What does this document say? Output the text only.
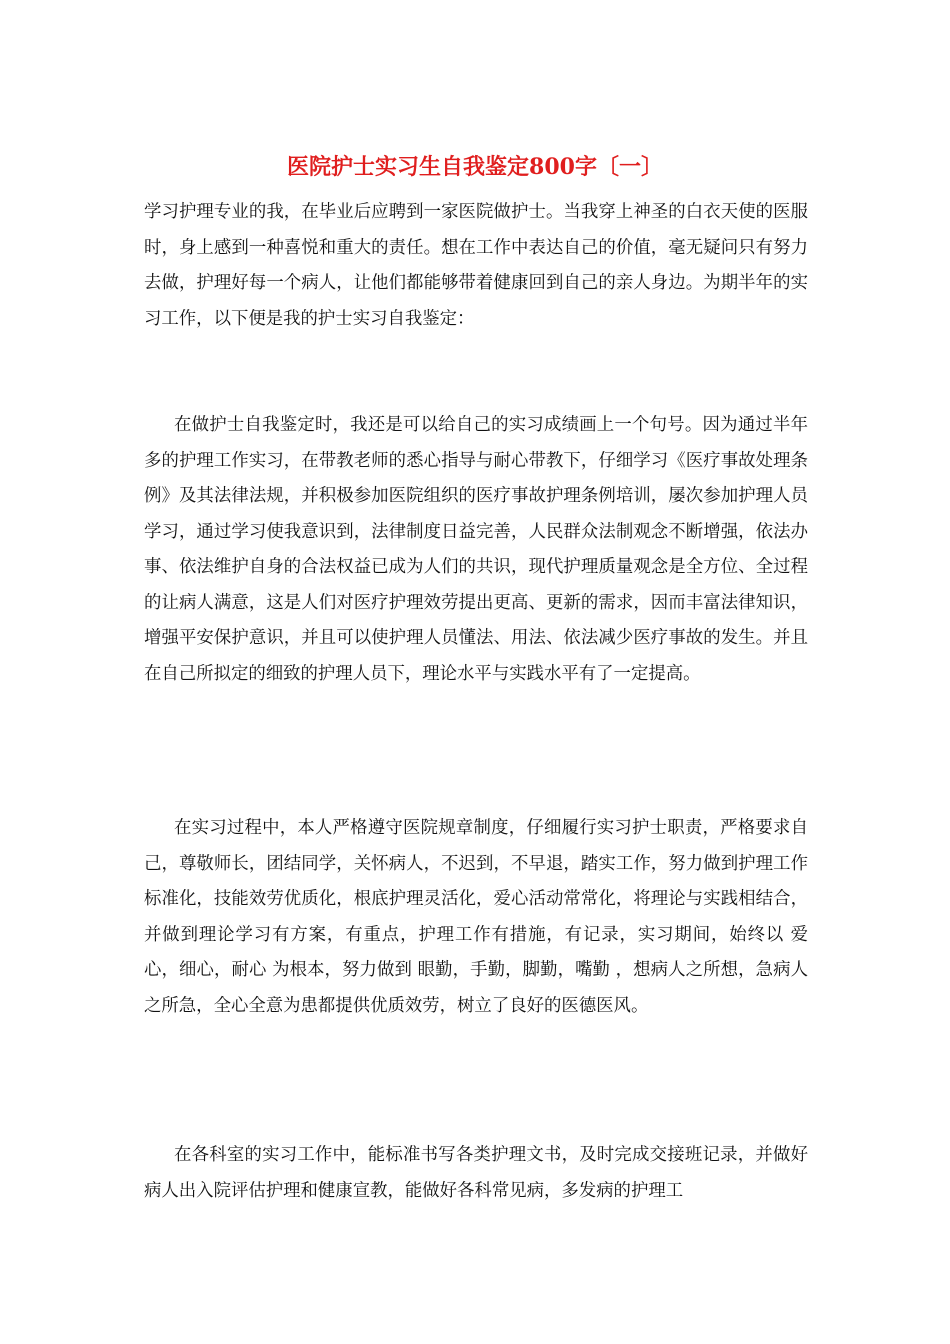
医院护士实习生自我鉴定800字〔一〕

学习护理专业的我，在毕业后应聘到一家医院做护士。当我穿上神圣的白衣天使的医服时，身上感到一种喜悦和重大的责任。想在工作中表达自己的价值，毫无疑问只有努力去做，护理好每一个病人，让他们都能够带着健康回到自己的亲人身边。为期半年的实习工作，以下便是我的护士实习自我鉴定：

在做护士自我鉴定时，我还是可以给自己的实习成绩画上一个句号。因为通过半年多的护理工作实习，在带教老师的悉心指导与耐心带教下，仔细学习《医疗事故处理条例》及其法律法规，并积极参加医院组织的医疗事故护理条例培训，屡次参加护理人员学习，通过学习使我意识到，法律制度日益完善，人民群众法制观念不断增强，依法办事、依法维护自身的合法权益已成为人们的共识，现代护理质量观念是全方位、全过程的让病人满意，这是人们对医疗护理效劳提出更高、更新的需求，因而丰富法律知识，增强平安保护意识，并且可以使护理人员懂法、用法、依法减少医疗事故的发生。并且在自己所拟定的细致的护理人员下，理论水平与实践水平有了一定提高。

在实习过程中，本人严格遵守医院规章制度，仔细履行实习护士职责，严格要求自己，尊敬师长，团结同学，关怀病人，不迟到，不早退，踏实工作，努力做到护理工作标准化，技能效劳优质化，根底护理灵活化，爱心活动常常化，将理论与实践相结合，并做到理论学习有方案，有重点，护理工作有措施，有记录，实习期间，始终以 爱心，细心，耐心 为根本，努力做到 眼勤，手勤，脚勤，嘴勤 ，想病人之所想，急病人之所急，全心全意为患都提供优质效劳，树立了良好的医德医风。

在各科室的实习工作中，能标准书写各类护理文书，及时完成交接班记录，并做好病人出入院评估护理和健康宣教，能做好各科常见病，多发病的护理工
